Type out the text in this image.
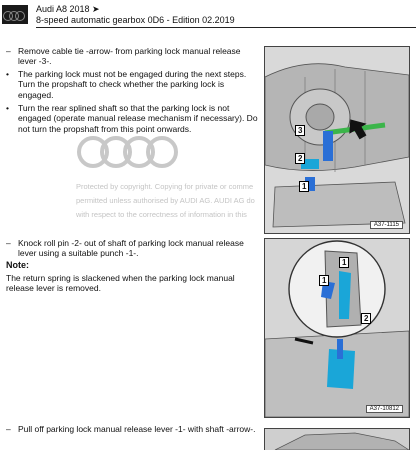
Audi A8 2018 ➤
8-speed automatic gearbox 0D6 - Edition 02.2019
– Remove cable tie -arrow- from parking lock manual release lever -3-.
•	The parking lock must not be engaged during the next steps. Turn the propshaft to check whether the parking lock is engaged.
•	Turn the rear splined shaft so that the parking lock is not engaged (operate manual release mechanism if necessary). Do not turn the propshaft from this point onwards.
Protected by copyright. Copying for private or comme
permitted unless authorised by AUDI AG. AUDI AG do
with respect to the correctness of information in this
– Knock roll pin -2- out of shaft of parking lock manual release lever using a suitable punch -1-.
Note:
The return spring is slackened when the parking lock manual release lever is removed.
– Pull off parking lock manual release lever -1- with shaft -arrow-.
3
2
1
A37-1115
1
1
2
A37-10812
